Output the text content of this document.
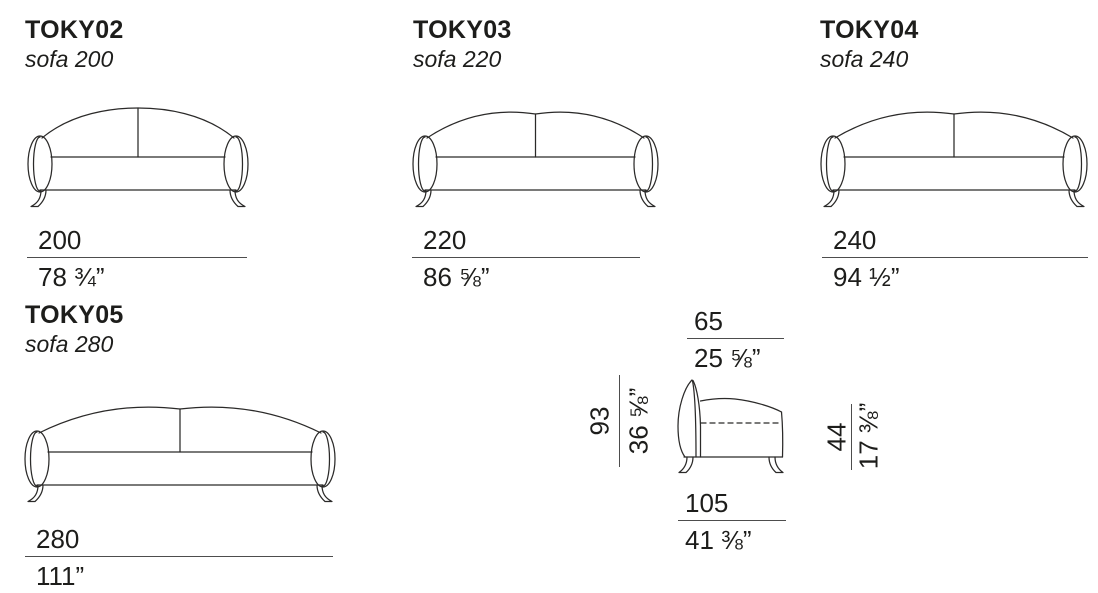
TOKY02
sofa 200
200
78 ¾”
TOKY03
sofa 220
220
86 ⅝”
TOKY04
sofa 240
240
94 ½”
TOKY05
sofa 280
280
111”
65
25 ⅝”
93 36 ⅝”	44 17 ⅜”
105
41 ⅜”
